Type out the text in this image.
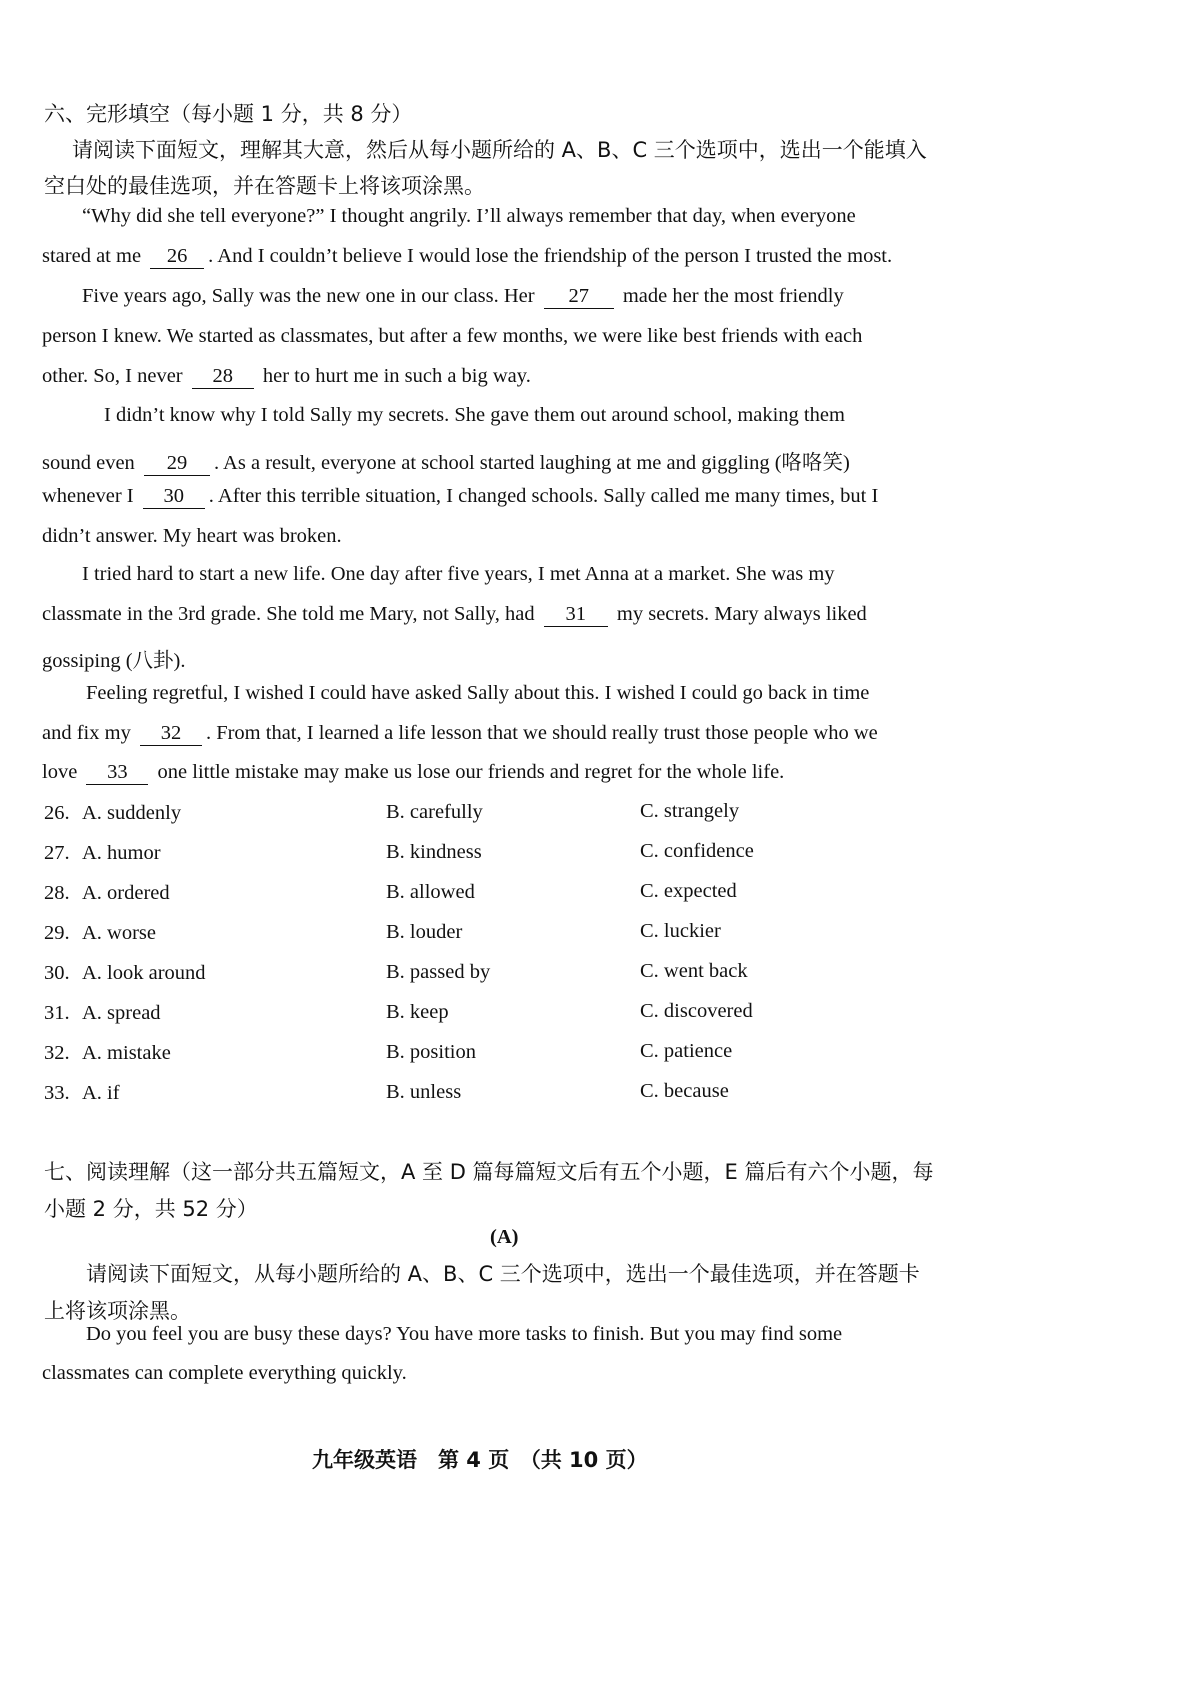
六、完形填空（每小题 1 分，共 8 分）
请阅读下面短文，理解其大意，然后从每小题所给的 A、B、C 三个选项中，选出一个能填入
空白处的最佳选项，并在答题卡上将该项涂黑。
“Why did she tell everyone?” I thought angrily. I’ll always remember that day, when everyone
stared at me 26 . And I couldn’t believe I would lose the friendship of the person I trusted the most.
Five years ago, Sally was the new one in our class. Her 27 made her the most friendly
person I knew. We started as classmates, but after a few months, we were like best friends with each
other. So, I never 28 her to hurt me in such a big way.
I didn’t know why I told Sally my secrets. She gave them out around school, making them
sound even 29 . As a result, everyone at school started laughing at me and giggling (咯咯笑)
whenever I 30 . After this terrible situation, I changed schools. Sally called me many times, but I
didn’t answer. My heart was broken.
I tried hard to start a new life. One day after five years, I met Anna at a market. She was my
classmate in the 3rd grade. She told me Mary, not Sally, had 31 my secrets. Mary always liked
gossiping (八卦).
Feeling regretful, I wished I could have asked Sally about this. I wished I could go back in time
and fix my 32 . From that, I learned a life lesson that we should really trust those people who we
love 33 one little mistake may make us lose our friends and regret for the whole life.
26. A. suddenly	B. carefully	C. strangely
27. A. humor	B. kindness	C. confidence
28. A. ordered	B. allowed	C. expected
29. A. worse	B. louder	C. luckier
30. A. look around	B. passed by	C. went back
31. A. spread	B. keep	C. discovered
32. A. mistake	B. position	C. patience
33. A. if	B. unless	C. because
七、阅读理解（这一部分共五篇短文，A 至 D 篇每篇短文后有五个小题，E 篇后有六个小题，每
小题 2 分，共 52 分）
(A)
请阅读下面短文，从每小题所给的 A、B、C 三个选项中，选出一个最佳选项，并在答题卡
上将该项涂黑。
Do you feel you are busy these days? You have more tasks to finish. But you may find some
classmates can complete everything quickly.
九年级英语　第 4 页　（共 10 页）
